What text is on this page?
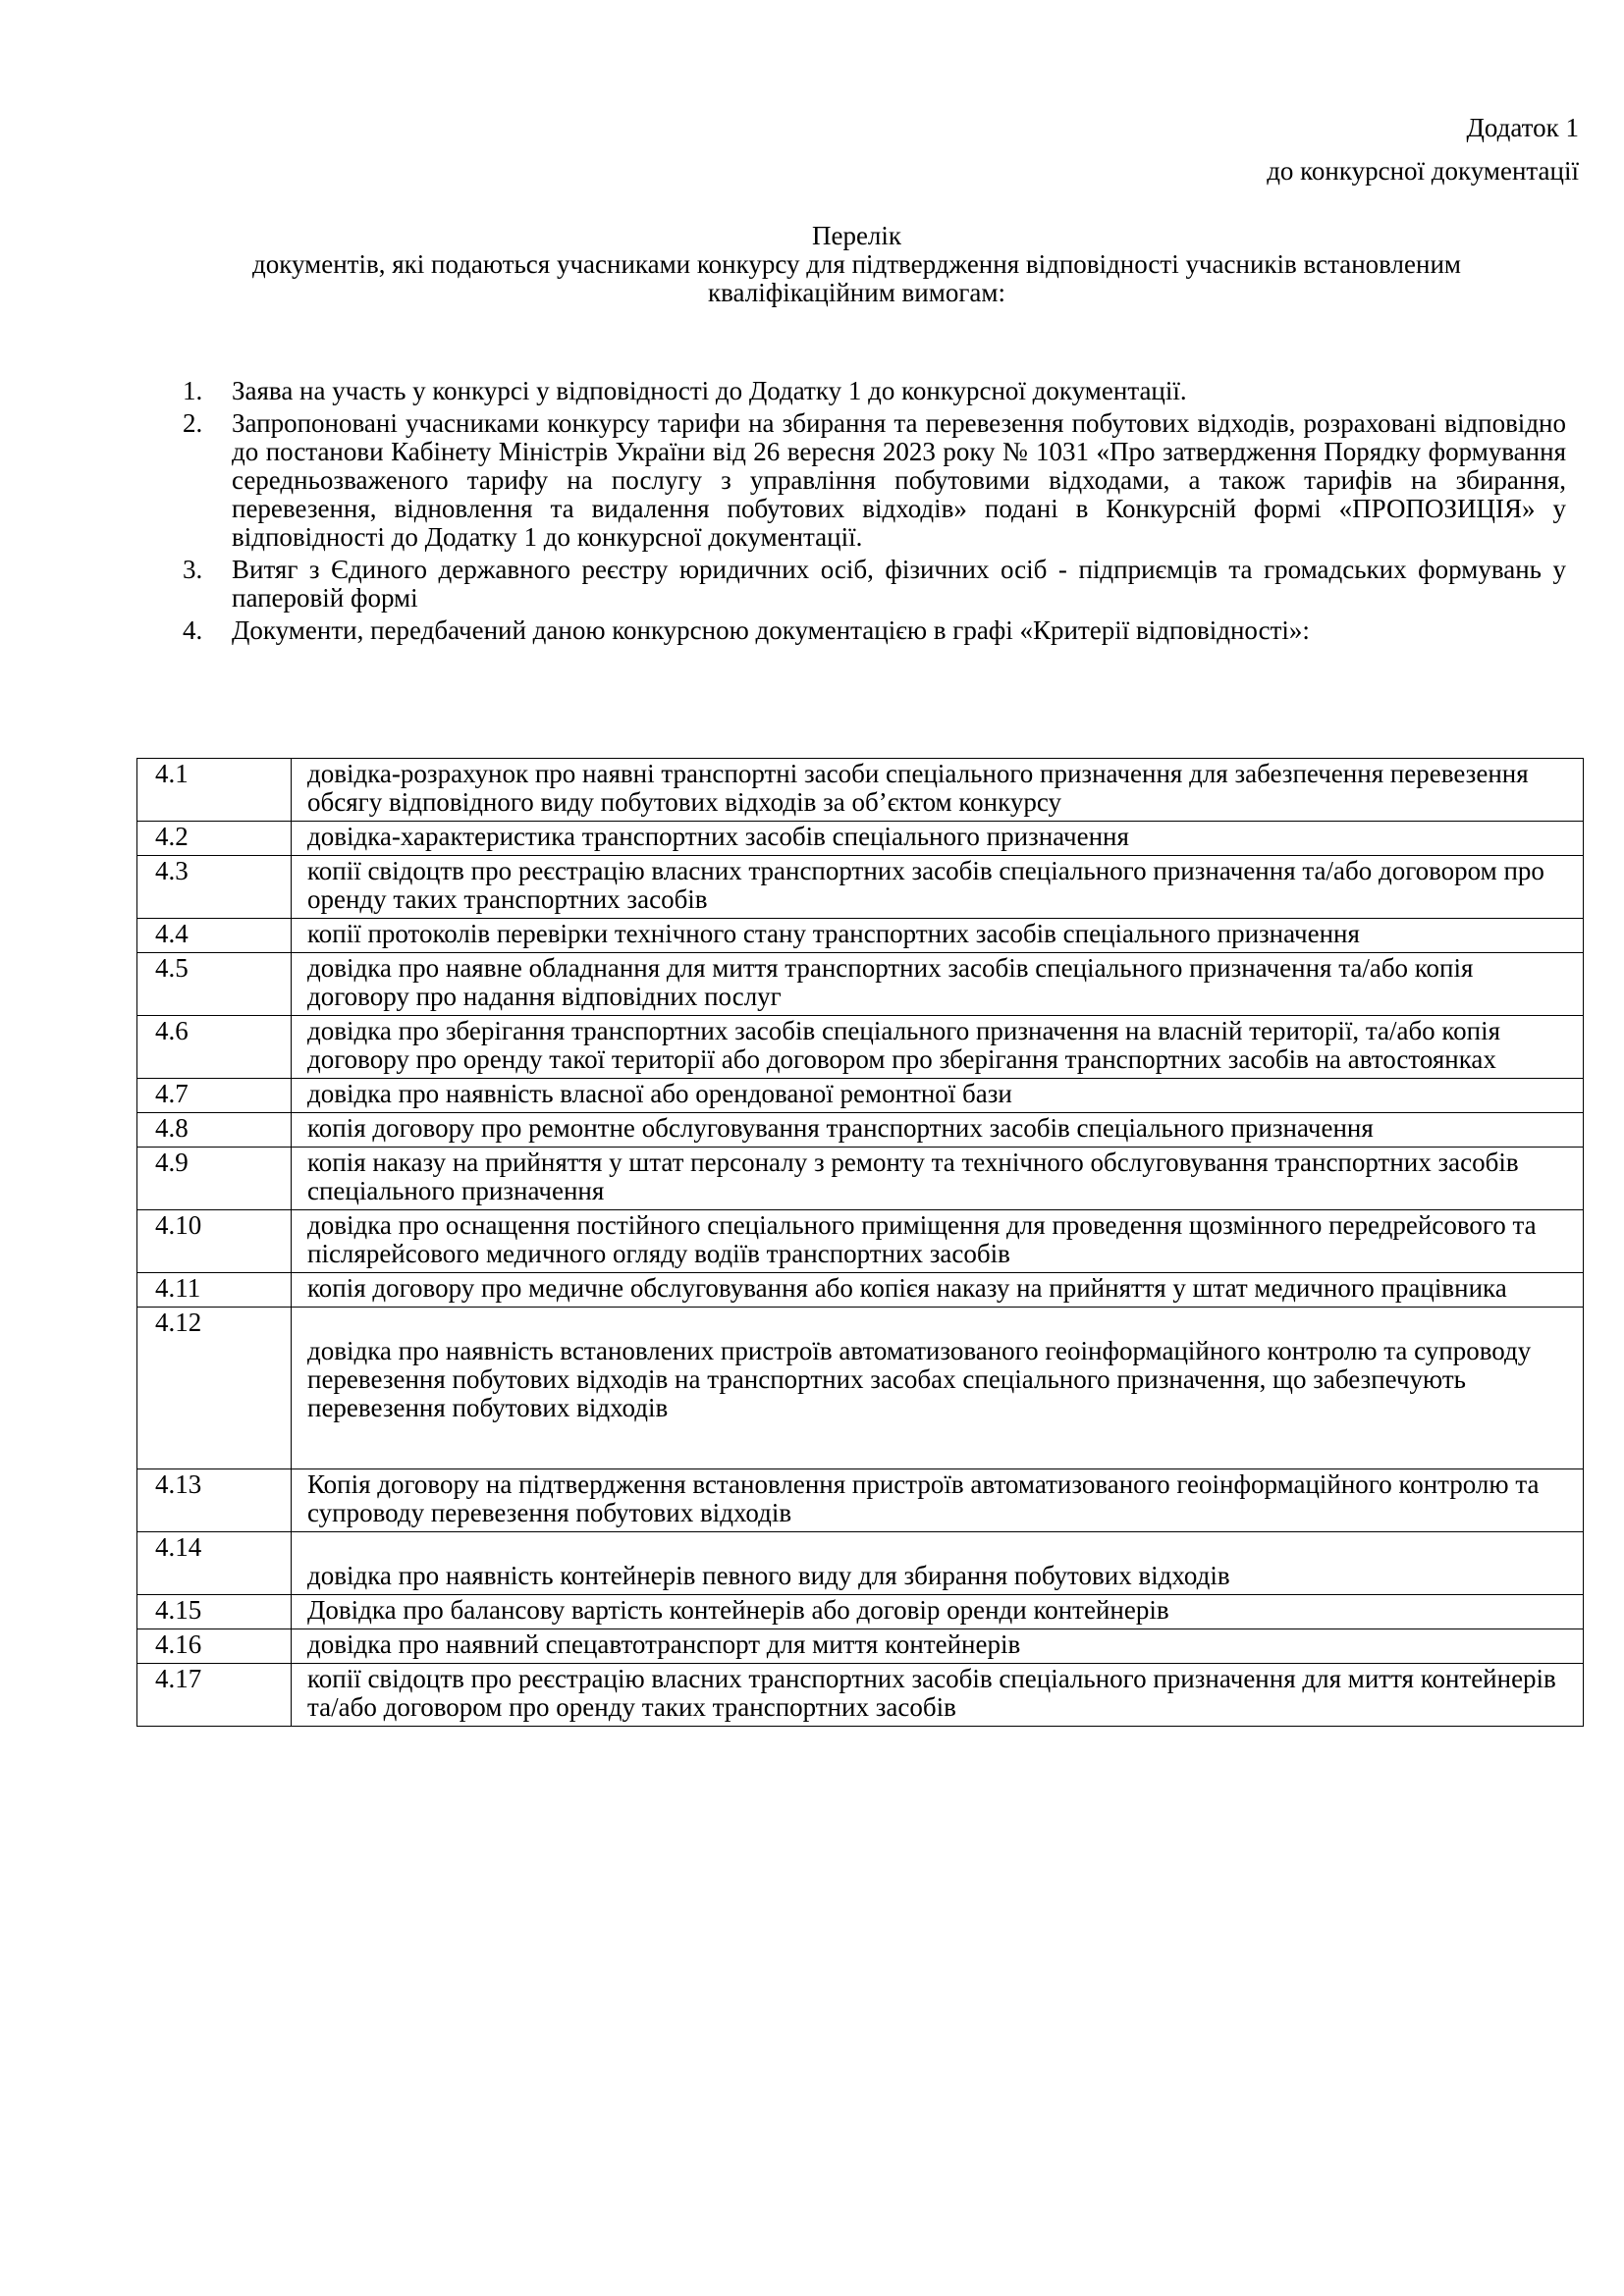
Додаток 1
до конкурсної документації
Перелік
документів, які подаються учасниками конкурсу для підтвердження відповідності учасників встановленим
кваліфікаційним вимогам:
1.	Заява на участь у конкурсі у відповідності до Додатку 1 до конкурсної документації.
2.	Запропоновані учасниками конкурсу тарифи на збирання та перевезення побутових відходів, розраховані відповідно до постанови Кабінету Міністрів України від 26 вересня 2023 року № 1031 «Про затвердження Порядку формування середньозваженого тарифу на послугу з управління побутовими відходами, а також тарифів на збирання, перевезення, відновлення та видалення побутових відходів» подані в Конкурсній формі «ПРОПОЗИЦІЯ» у відповідності до Додатку 1 до конкурсної документації.
3.	Витяг з Єдиного державного реєстру юридичних осіб, фізичних осіб - підприємців та громадських формувань у паперовій формі
4.	Документи, передбачений даною конкурсною документацією в графі «Критерії відповідності»:
4.1	довідка-розрахунок про наявні транспортні засоби спеціального призначення для забезпечення перевезення обсягу відповідного виду побутових відходів за об’єктом конкурсу
4.2	довідка-характеристика транспортних засобів спеціального призначення
4.3	копії свідоцтв про реєстрацію власних транспортних засобів спеціального призначення та/або договором про оренду таких транспортних засобів
4.4	копії протоколів перевірки технічного стану транспортних засобів спеціального призначення
4.5	довідка про наявне обладнання для миття транспортних засобів спеціального призначення та/або копія договору про надання відповідних послуг
4.6	довідка про зберігання транспортних засобів спеціального призначення на власній території, та/або копія договору про оренду такої території або договором про зберігання транспортних засобів на автостоянках
4.7	довідка про наявність власної або орендованої ремонтної бази
4.8	копія договору про ремонтне обслуговування транспортних засобів спеціального призначення
4.9	копія наказу на прийняття у штат персоналу з ремонту та технічного обслуговування транспортних засобів спеціального призначення
4.10	довідка про оснащення постійного спеціального приміщення для проведення щозмінного передрейсового та післярейсового медичного огляду водіїв транспортних засобів
4.11	копія договору про медичне обслуговування або копієя наказу на прийняття у штат медичного працівника
4.12	довідка про наявність встановлених пристроїв автоматизованого геоінформаційного контролю та супроводу перевезення побутових відходів на транспортних засобах спеціального призначення, що забезпечують перевезення побутових відходів
4.13	Копія договору на підтвердження встановлення пристроїв автоматизованого геоінформаційного контролю та супроводу перевезення побутових відходів
4.14	довідка про наявність контейнерів певного виду для збирання побутових відходів
4.15	Довідка про балансову вартість контейнерів або договір оренди контейнерів
4.16	довідка про наявний спецавтотранспорт для миття контейнерів
4.17	копії свідоцтв про реєстрацію власних транспортних засобів спеціального призначення для миття контейнерів та/або договором про оренду таких транспортних засобів
